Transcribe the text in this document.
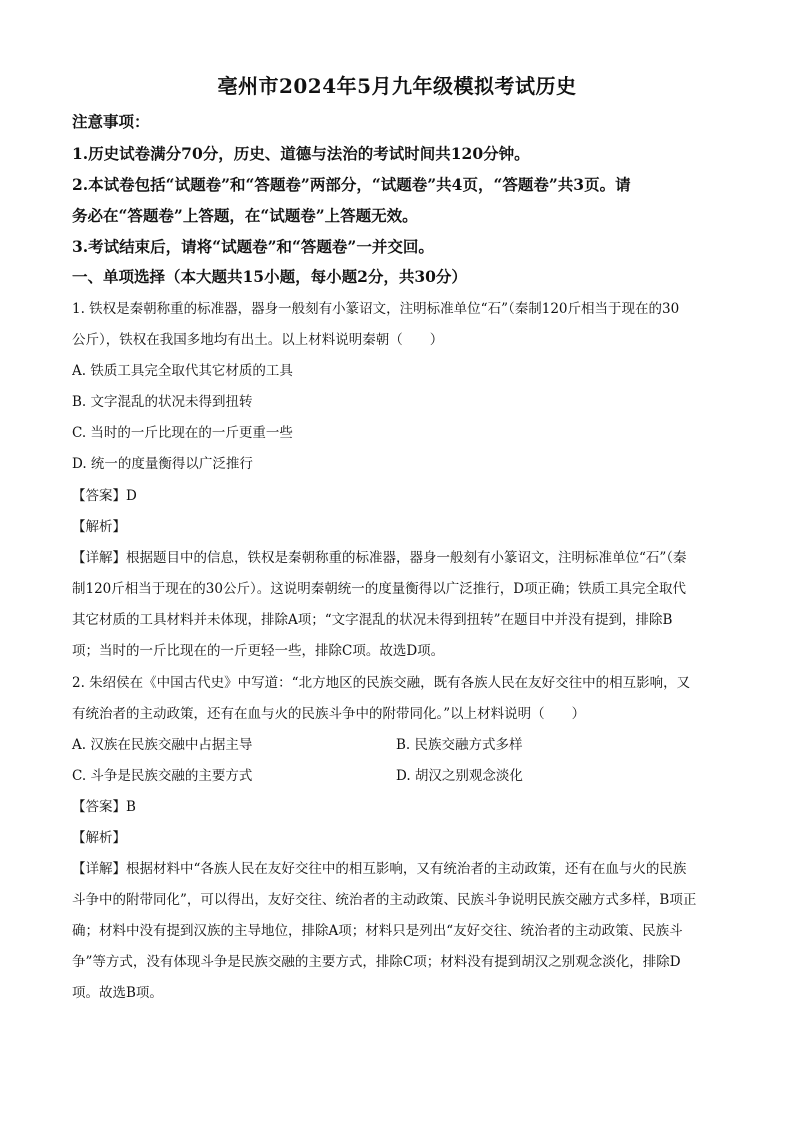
亳州市2024年5月九年级模拟考试历史
注意事项：
1.历史试卷满分70分，历史、道德与法治的考试时间共120分钟。
2.本试卷包括“试题卷”和“答题卷”两部分，“试题卷”共4页，“答题卷”共3页。请
务必在“答题卷”上答题，在“试题卷”上答题无效。
3.考试结束后，请将“试题卷”和“答题卷”一并交回。
一、单项选择（本大题共15小题，每小题2分，共30分）
1. 铁权是秦朝称重的标准器，器身一般刻有小篆诏文，注明标准单位“石”（秦制120斤相当于现在的30
公斤），铁权在我国多地均有出土。以上材料说明秦朝（　　）
A. 铁质工具完全取代其它材质的工具
B. 文字混乱的状况未得到扭转
C. 当时的一斤比现在的一斤更重一些
D. 统一的度量衡得以广泛推行
【答案】D
【解析】
【详解】根据题目中的信息，铁权是秦朝称重的标准器，器身一般刻有小篆诏文，注明标准单位“石”（秦
制120斤相当于现在的30公斤）。这说明秦朝统一的度量衡得以广泛推行，D项正确；铁质工具完全取代
其它材质的工具材料并未体现，排除A项；“文字混乱的状况未得到扭转”在题目中并没有提到，排除B
项；当时的一斤比现在的一斤更轻一些，排除C项。故选D项。
2. 朱绍侯在《中国古代史》中写道：“北方地区的民族交融，既有各族人民在友好交往中的相互影响，又
有统治者的主动政策，还有在血与火的民族斗争中的附带同化。”以上材料说明（　　）
A. 汉族在民族交融中占据主导	B. 民族交融方式多样
C. 斗争是民族交融的主要方式	D. 胡汉之别观念淡化
【答案】B
【解析】
【详解】根据材料中“各族人民在友好交往中的相互影响，又有统治者的主动政策，还有在血与火的民族
斗争中的附带同化”，可以得出，友好交往、统治者的主动政策、民族斗争说明民族交融方式多样，B项正
确；材料中没有提到汉族的主导地位，排除A项；材料只是列出“友好交往、统治者的主动政策、民族斗
争”等方式，没有体现斗争是民族交融的主要方式，排除C项；材料没有提到胡汉之别观念淡化，排除D
项。故选B项。
